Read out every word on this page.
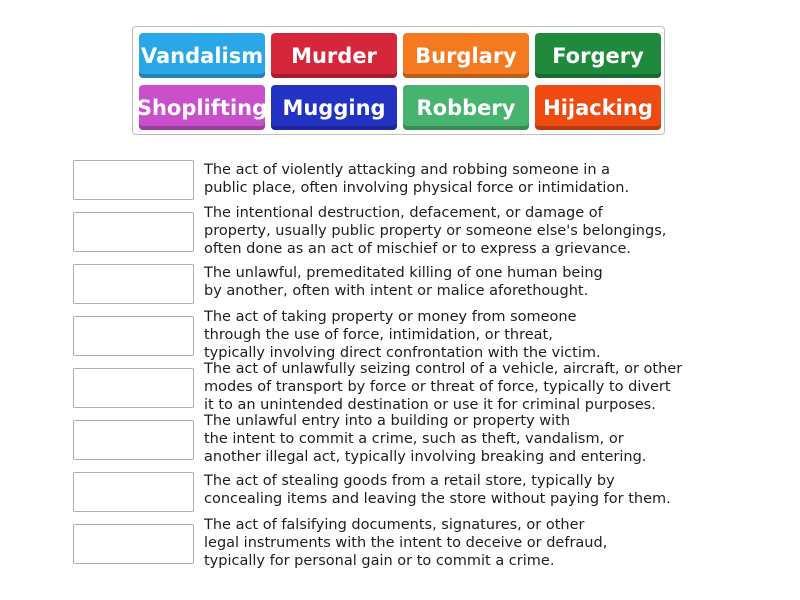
Vandalism	Murder	Burglary	Forgery
Shoplifting Mugging	Robbery	Hijacking
The act of violently attacking and robbing someone in a
public place, often involving physical force or intimidation.
The intentional destruction, defacement, or damage of
property, usually public property or someone else's belongings,
often done as an act of mischief or to express a grievance.
The unlawful, premeditated killing of one human being
by another, often with intent or malice aforethought.
The act of taking property or money from someone
through the use of force, intimidation, or threat,
typically involving direct confrontation with the victim.
The act of unlawfully seizing control of a vehicle, aircraft, or other
modes of transport by force or threat of force, typically to divert
it to an unintended destination or use it for criminal purposes.
The unlawful entry into a building or property with
the intent to commit a crime, such as theft, vandalism, or
another illegal act, typically involving breaking and entering.
The act of stealing goods from a retail store, typically by
concealing items and leaving the store without paying for them.
The act of falsifying documents, signatures, or other
legal instruments with the intent to deceive or defraud,
typically for personal gain or to commit a crime.
